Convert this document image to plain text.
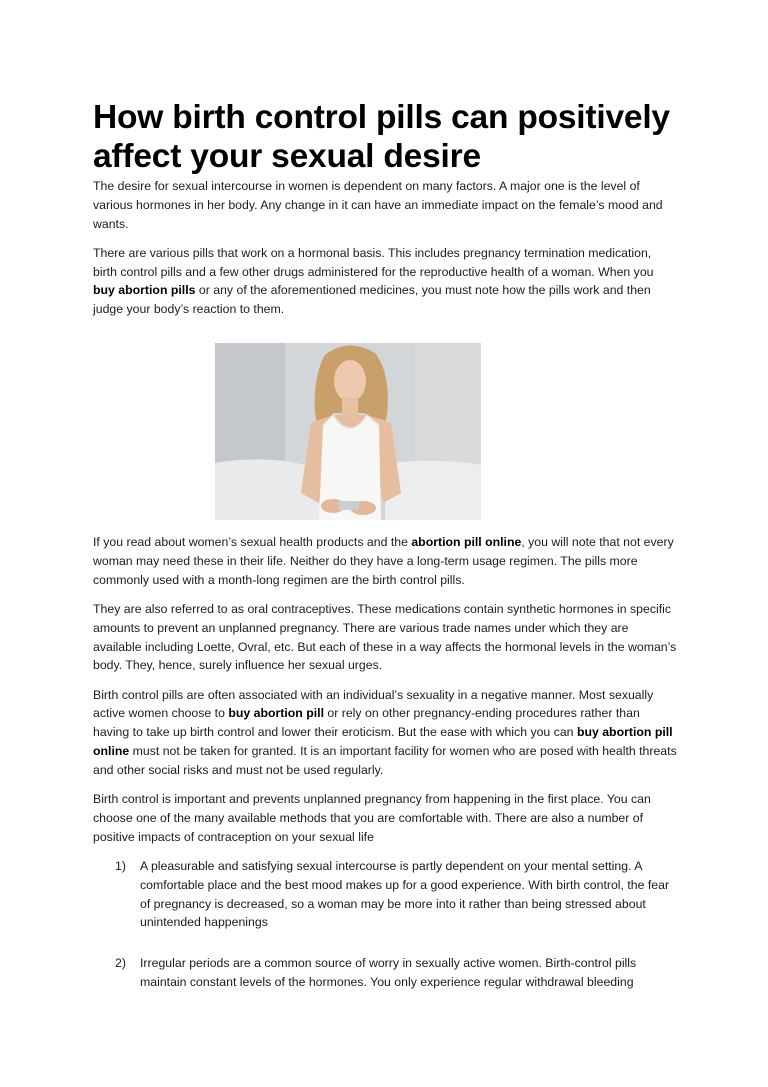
How birth control pills can positively affect your sexual desire

The desire for sexual intercourse in women is dependent on many factors. A major one is the level of various hormones in her body. Any change in it can have an immediate impact on the female’s mood and wants.

There are various pills that work on a hormonal basis. This includes pregnancy termination medication, birth control pills and a few other drugs administered for the reproductive health of a woman. When you buy abortion pills or any of the aforementioned medicines, you must note how the pills work and then judge your body’s reaction to them.

If you read about women’s sexual health products and the abortion pill online, you will note that not every woman may need these in their life. Neither do they have a long-term usage regimen. The pills more commonly used with a month-long regimen are the birth control pills.

They are also referred to as oral contraceptives. These medications contain synthetic hormones in specific amounts to prevent an unplanned pregnancy. There are various trade names under which they are available including Loette, Ovral, etc. But each of these in a way affects the hormonal levels in the woman’s body. They, hence, surely influence her sexual urges.

Birth control pills are often associated with an individual’s sexuality in a negative manner. Most sexually active women choose to buy abortion pill or rely on other pregnancy-ending procedures rather than having to take up birth control and lower their eroticism. But the ease with which you can buy abortion pill online must not be taken for granted. It is an important facility for women who are posed with health threats and other social risks and must not be used regularly.

Birth control is important and prevents unplanned pregnancy from happening in the first place. You can choose one of the many available methods that you are comfortable with. There are also a number of positive impacts of contraception on your sexual life

1) A pleasurable and satisfying sexual intercourse is partly dependent on your mental setting. A comfortable place and the best mood makes up for a good experience. With birth control, the fear of pregnancy is decreased, so a woman may be more into it rather than being stressed about unintended happenings
2) Irregular periods are a common source of worry in sexually active women. Birth-control pills maintain constant levels of the hormones. You only experience regular withdrawal bleeding
